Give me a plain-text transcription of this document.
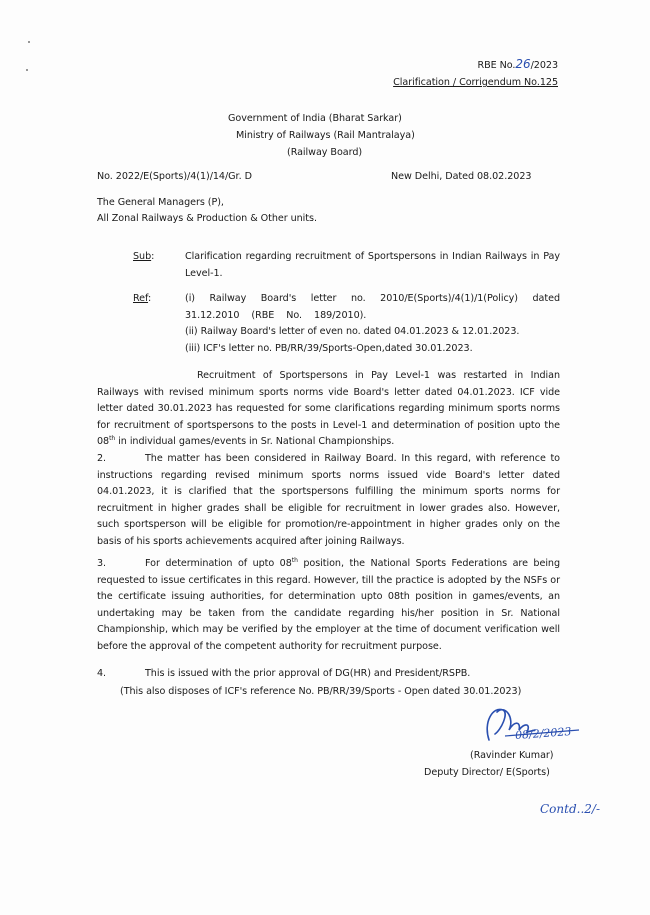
RBE No.26/2023
Clarification / Corrigendum No.125
Government of India (Bharat Sarkar)
Ministry of Railways (Rail Mantralaya)
(Railway Board)
No. 2022/E(Sports)/4(1)/14/Gr. D	New Delhi, Dated 08.02.2023
The General Managers (P),
All Zonal Railways & Production & Other units.
Sub:	Clarification regarding recruitment of Sportspersons in Indian Railways in Pay Level-1.
Ref:	(i) Railway Board's letter no. 2010/E(Sports)/4(1)/1(Policy) dated 31.12.2010 (RBE No. 189/2010).
(ii) Railway Board's letter of even no. dated 04.01.2023 & 12.01.2023.
(iii) ICF's letter no. PB/RR/39/Sports-Open,dated 30.01.2023.
Recruitment of Sportspersons in Pay Level-1 was restarted in Indian Railways with revised minimum sports norms vide Board's letter dated 04.01.2023. ICF vide letter dated 30.01.2023 has requested for some clarifications regarding minimum sports norms for recruitment of sportspersons to the posts in Level-1 and determination of position upto the 08th in individual games/events in Sr. National Championships.
2.	The matter has been considered in Railway Board. In this regard, with reference to instructions regarding revised minimum sports norms issued vide Board's letter dated 04.01.2023, it is clarified that the sportspersons fulfilling the minimum sports norms for recruitment in higher grades shall be eligible for recruitment in lower grades also. However, such sportsperson will be eligible for promotion/re-appointment in higher grades only on the basis of his sports achievements acquired after joining Railways.
3.	For determination of upto 08th position, the National Sports Federations are being requested to issue certificates in this regard. However, till the practice is adopted by the NSFs or the certificate issuing authorities, for determination upto 08th position in games/events, an undertaking may be taken from the candidate regarding his/her position in Sr. National Championship, which may be verified by the employer at the time of document verification well before the approval of the competent authority for recruitment purpose.
4.	This is issued with the prior approval of DG(HR) and President/RSPB.
(This also disposes of ICF's reference No. PB/RR/39/Sports - Open dated 30.01.2023)
08/2/2023
(Ravinder Kumar)
Deputy Director/ E(Sports)
Contd..2/-
